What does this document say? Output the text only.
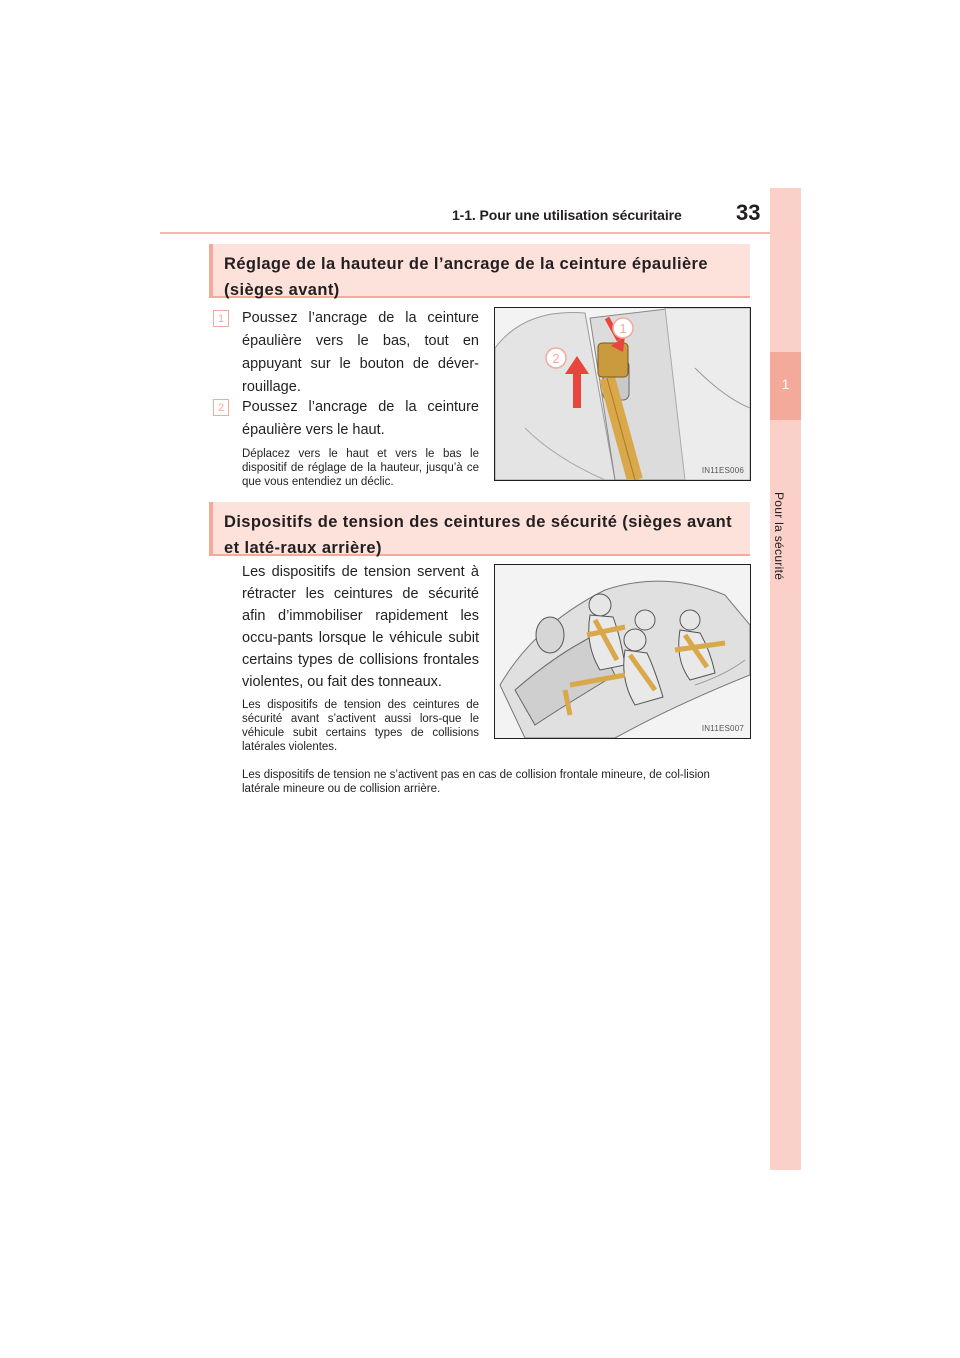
1-1. Pour une utilisation sécuritaire 33
1
Pour la sécurité
Réglage de la hauteur de l’ancrage de la ceinture épaulière (sièges avant)
1	Poussez l’ancrage de la ceinture épaulière vers le bas, tout en appuyant sur le bouton de déver-rouillage.
2	Poussez l’ancrage de la ceinture épaulière vers le haut.
Déplacez vers le haut et vers le bas le dispositif de réglage de la hauteur, jusqu’à ce que vous entendiez un déclic.
1
2
IN11ES006
Dispositifs de tension des ceintures de sécurité (sièges avant et laté-raux arrière)
Les dispositifs de tension servent à rétracter les ceintures de sécurité afin d’immobiliser rapidement les occu-pants lorsque le véhicule subit certains types de collisions frontales violentes, ou fait des tonneaux.
Les dispositifs de tension des ceintures de sécurité avant s’activent aussi lors-que le véhicule subit certains types de collisions latérales violentes.
Les dispositifs de tension ne s’activent pas en cas de collision frontale mineure, de col-lision latérale mineure ou de collision arrière.
IN11ES007
